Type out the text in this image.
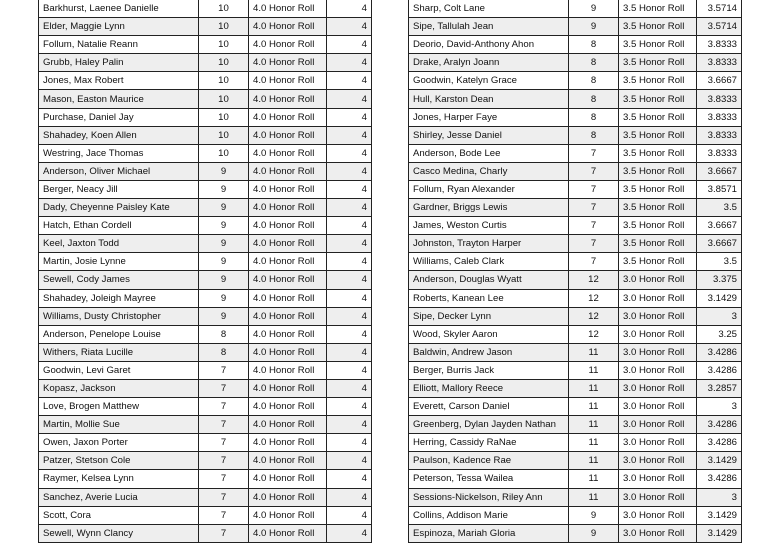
Barkhurst, Laenee Danielle	10	4.0 Honor Roll	4
Elder, Maggie Lynn	10	4.0 Honor Roll	4
Follum, Natalie Reann	10	4.0 Honor Roll	4
Grubb, Haley Palin	10	4.0 Honor Roll	4
Jones, Max Robert	10	4.0 Honor Roll	4
Mason, Easton Maurice	10	4.0 Honor Roll	4
Purchase, Daniel Jay	10	4.0 Honor Roll	4
Shahadey, Koen Allen	10	4.0 Honor Roll	4
Westring, Jace Thomas	10	4.0 Honor Roll	4
Anderson, Oliver Michael	9	4.0 Honor Roll	4
Berger, Neacy Jill	9	4.0 Honor Roll	4
Dady, Cheyenne Paisley Kate	9	4.0 Honor Roll	4
Hatch, Ethan Cordell	9	4.0 Honor Roll	4
Keel, Jaxton Todd	9	4.0 Honor Roll	4
Martin, Josie Lynne	9	4.0 Honor Roll	4
Sewell, Cody James	9	4.0 Honor Roll	4
Shahadey, Joleigh Mayree	9	4.0 Honor Roll	4
Williams, Dusty Christopher	9	4.0 Honor Roll	4
Anderson, Penelope Louise	8	4.0 Honor Roll	4
Withers, Riata Lucille	8	4.0 Honor Roll	4
Goodwin, Levi Garet	7	4.0 Honor Roll	4
Kopasz, Jackson	7	4.0 Honor Roll	4
Love, Brogen Matthew	7	4.0 Honor Roll	4
Martin, Mollie Sue	7	4.0 Honor Roll	4
Owen, Jaxon Porter	7	4.0 Honor Roll	4
Patzer, Stetson Cole	7	4.0 Honor Roll	4
Raymer, Kelsea Lynn	7	4.0 Honor Roll	4
Sanchez, Averie Lucia	7	4.0 Honor Roll	4
Scott, Cora	7	4.0 Honor Roll	4
Sewell, Wynn Clancy	7	4.0 Honor Roll	4
Sharp, Colt Lane	9	3.5 Honor Roll	3.5714
Sipe, Tallulah Jean	9	3.5 Honor Roll	3.5714
Deorio, David-Anthony Ahon	8	3.5 Honor Roll	3.8333
Drake, Aralyn Joann	8	3.5 Honor Roll	3.8333
Goodwin, Katelyn Grace	8	3.5 Honor Roll	3.6667
Hull, Karston Dean	8	3.5 Honor Roll	3.8333
Jones, Harper Faye	8	3.5 Honor Roll	3.8333
Shirley, Jesse Daniel	8	3.5 Honor Roll	3.8333
Anderson, Bode Lee	7	3.5 Honor Roll	3.8333
Casco Medina, Charly	7	3.5 Honor Roll	3.6667
Follum, Ryan Alexander	7	3.5 Honor Roll	3.8571
Gardner, Briggs Lewis	7	3.5 Honor Roll	3.5
James, Weston Curtis	7	3.5 Honor Roll	3.6667
Johnston, Trayton Harper	7	3.5 Honor Roll	3.6667
Williams, Caleb Clark	7	3.5 Honor Roll	3.5
Anderson, Douglas Wyatt	12	3.0 Honor Roll	3.375
Roberts, Kanean Lee	12	3.0 Honor Roll	3.1429
Sipe, Decker Lynn	12	3.0 Honor Roll	3
Wood, Skyler Aaron	12	3.0 Honor Roll	3.25
Baldwin, Andrew Jason	11	3.0 Honor Roll	3.4286
Berger, Burris Jack	11	3.0 Honor Roll	3.4286
Elliott, Mallory Reece	11	3.0 Honor Roll	3.2857
Everett, Carson Daniel	11	3.0 Honor Roll	3
Greenberg, Dylan Jayden Nathan	11	3.0 Honor Roll	3.4286
Herring, Cassidy RaNae	11	3.0 Honor Roll	3.4286
Paulson, Kadence Rae	11	3.0 Honor Roll	3.1429
Peterson, Tessa Wailea	11	3.0 Honor Roll	3.4286
Sessions-Nickelson, Riley Ann	11	3.0 Honor Roll	3
Collins, Addison Marie	9	3.0 Honor Roll	3.1429
Espinoza, Mariah Gloria	9	3.0 Honor Roll	3.1429
